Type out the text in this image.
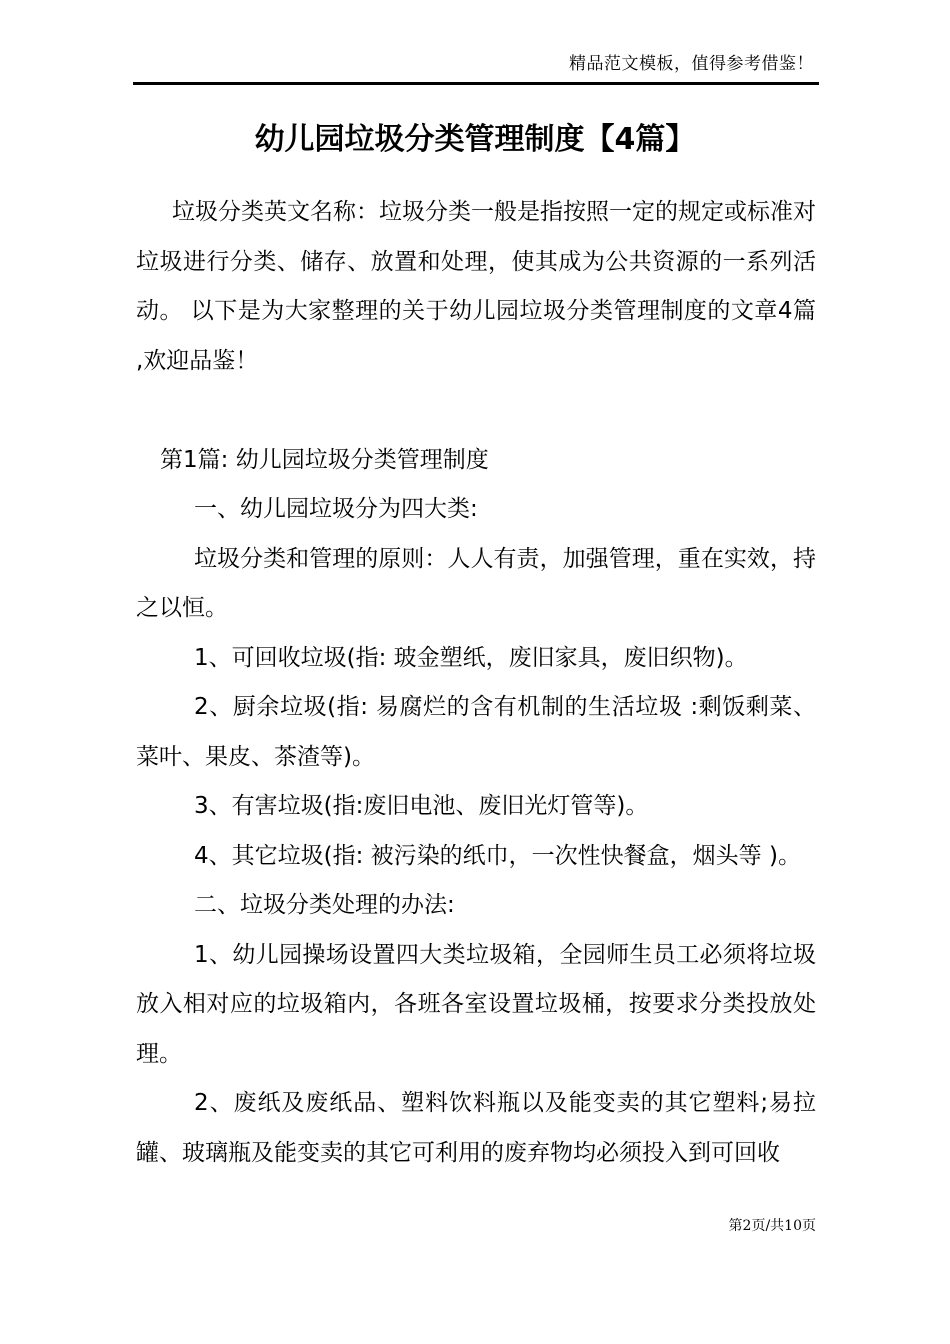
精品范文模板，值得参考借鉴！
幼儿园垃圾分类管理制度【4篇】

垃圾分类英文名称：垃圾分类一般是指按照一定的规定或标准对垃圾进行分类、储存、放置和处理，使其成为公共资源的一系列活动。 以下是为大家整理的关于幼儿园垃圾分类管理制度的文章4篇 ,欢迎品鉴！

第1篇: 幼儿园垃圾分类管理制度

一、幼儿园垃圾分为四大类:

垃圾分类和管理的原则：人人有责，加强管理，重在实效，持之以恒。

1、可回收垃圾(指: 玻金塑纸，废旧家具，废旧织物)。

2、厨余垃圾(指: 易腐烂的含有机制的生活垃圾 :剩饭剩菜、菜叶、果皮、茶渣等)。

3、有害垃圾(指:废旧电池、废旧光灯管等)。

4、其它垃圾(指: 被污染的纸巾，一次性快餐盒，烟头等 )。

二、垃圾分类处理的办法:

1、幼儿园操场设置四大类垃圾箱，全园师生员工必须将垃圾放入相对应的垃圾箱内，各班各室设置垃圾桶，按要求分类投放处理。

2、废纸及废纸品、塑料饮料瓶以及能变卖的其它塑料;易拉罐、玻璃瓶及能变卖的其它可利用的废弃物均必须投入到可回收

第2页/共10页
